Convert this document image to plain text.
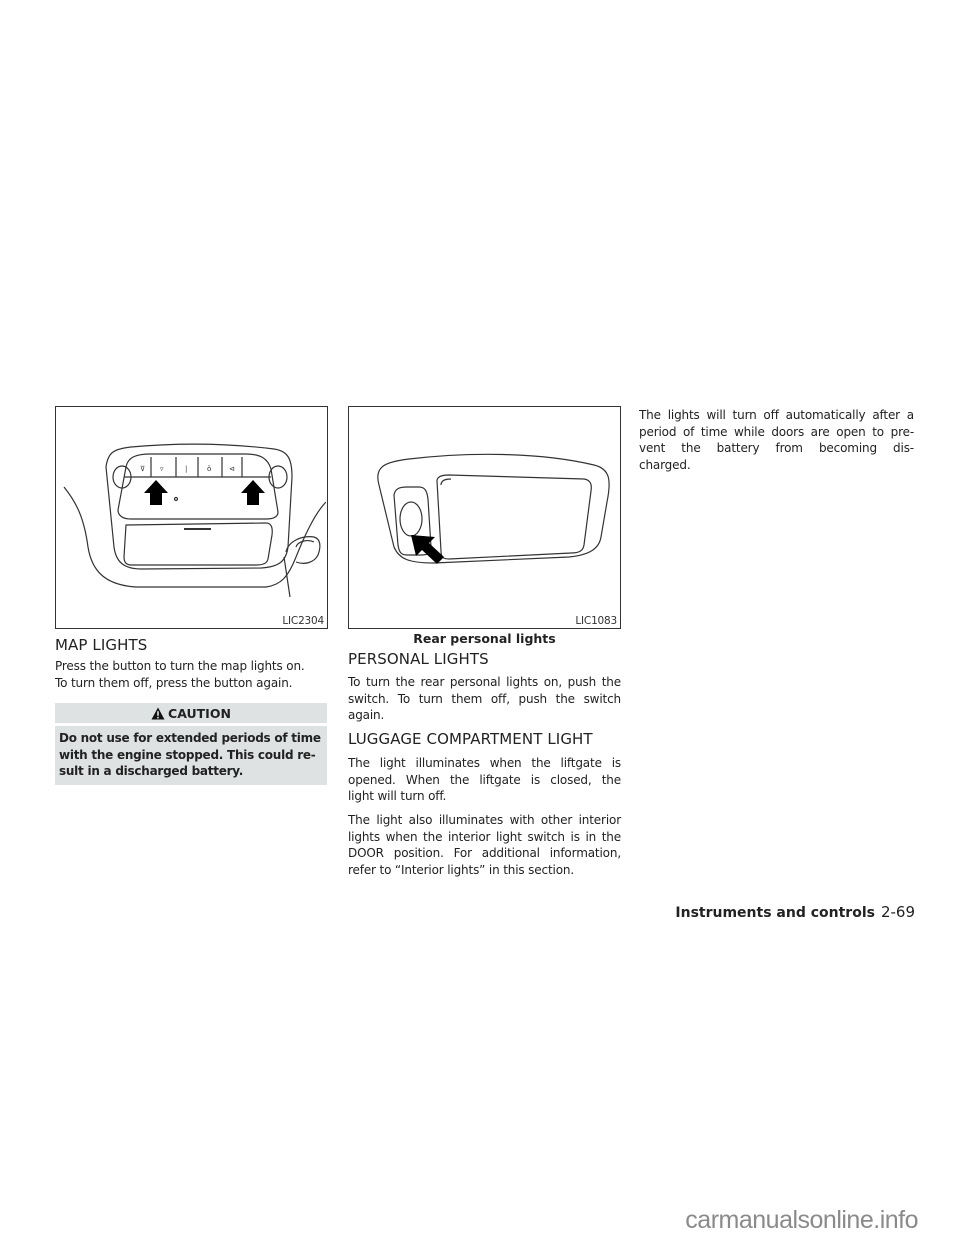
⊽ ▿	|	ǒ	⊲
LIC2304
MAP LIGHTS
Press the button to turn the map lights on.
To turn them off, press the button again.
CAUTION
Do not use for extended periods of time
with the engine stopped. This could re-
sult in a discharged battery.
LIC1083
Rear personal lights
PERSONAL LIGHTS
To turn the rear personal lights on, push the
switch. To turn them off, push the switch
again.
LUGGAGE COMPARTMENT LIGHT
The light illuminates when the liftgate is
opened. When the liftgate is closed, the
light will turn off.
The light also illuminates with other interior
lights when the interior light switch is in the
DOOR position. For additional information,
refer to “Interior lights” in this section.
The lights will turn off automatically after a
period of time while doors are open to pre-
vent the battery from becoming dis-
charged.
Instruments and controls 2-69
carmanualsonline.info
